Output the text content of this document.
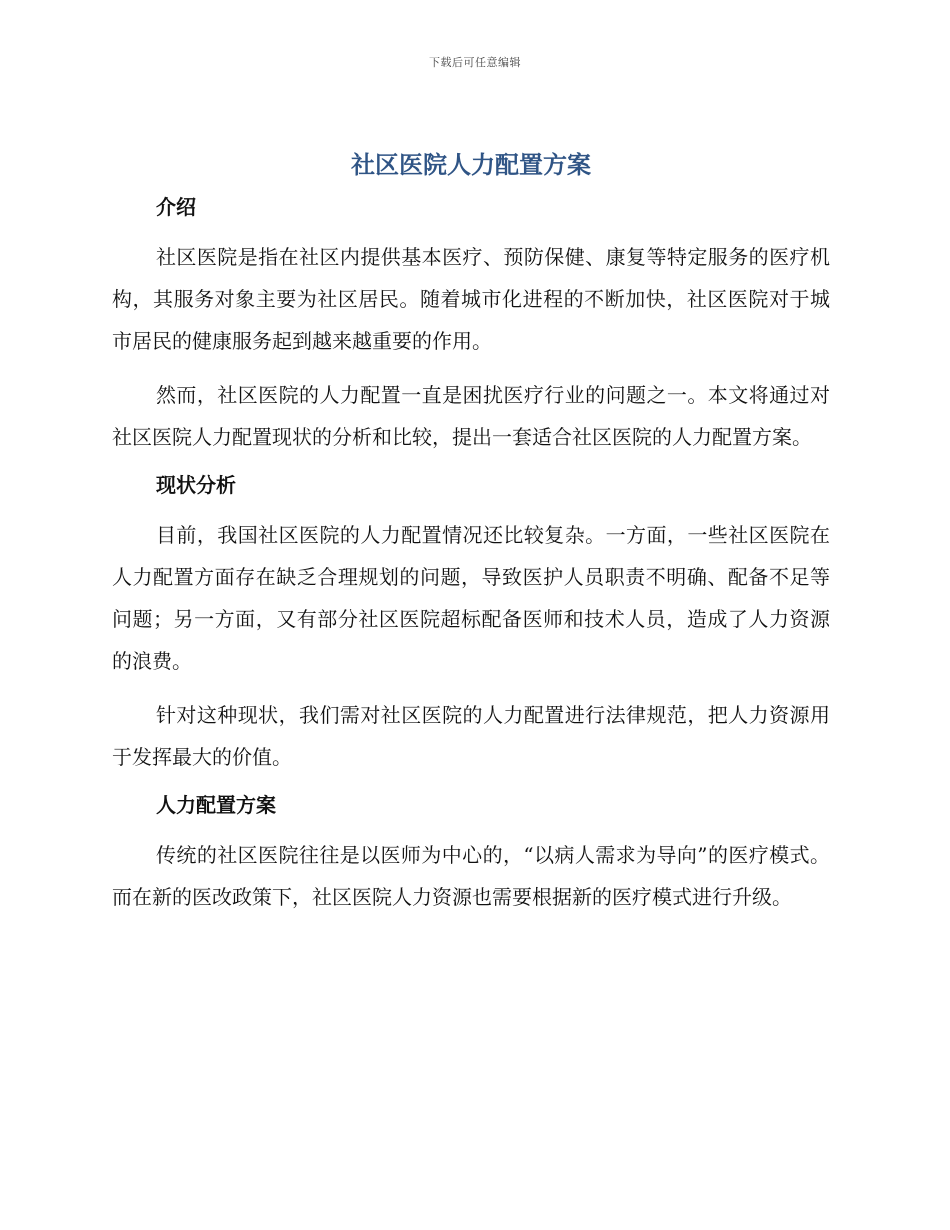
下载后可任意编辑
社区医院人力配置方案
介绍

社区医院是指在社区内提供基本医疗、预防保健、康复等特定服务的医疗机构，其服务对象主要为社区居民。随着城市化进程的不断加快，社区医院对于城市居民的健康服务起到越来越重要的作用。

然而，社区医院的人力配置一直是困扰医疗行业的问题之一。本文将通过对社区医院人力配置现状的分析和比较，提出一套适合社区医院的人力配置方案。

现状分析

目前，我国社区医院的人力配置情况还比较复杂。一方面，一些社区医院在人力配置方面存在缺乏合理规划的问题，导致医护人员职责不明确、配备不足等问题；另一方面，又有部分社区医院超标配备医师和技术人员，造成了人力资源的浪费。

针对这种现状，我们需对社区医院的人力配置进行法律规范，把人力资源用于发挥最大的价值。

人力配置方案

传统的社区医院往往是以医师为中心的，“以病人需求为导向”的医疗模式。而在新的医改政策下，社区医院人力资源也需要根据新的医疗模式进行升级。
